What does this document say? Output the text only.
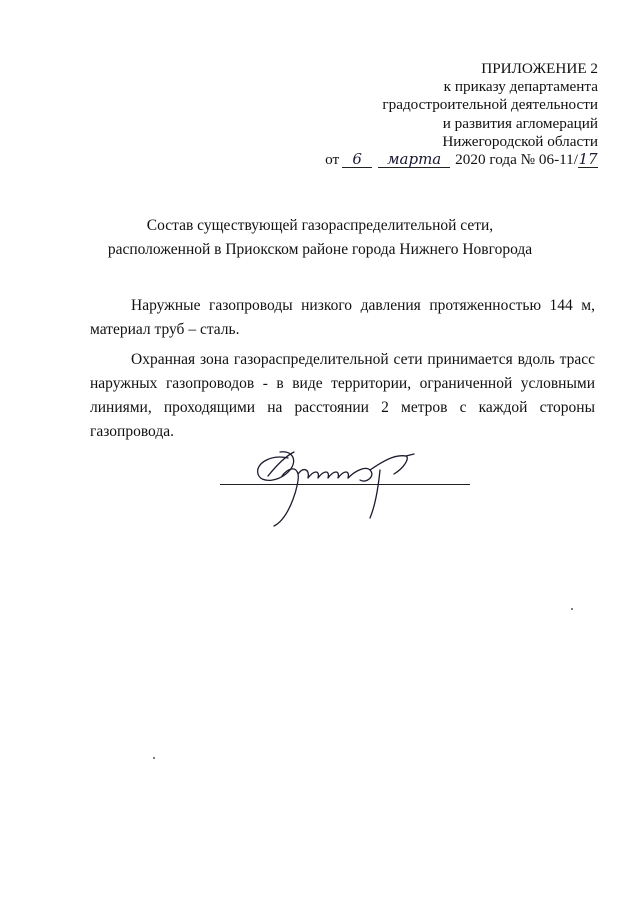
ПРИЛОЖЕНИЕ 2
к приказу департамента
градостроительной деятельности
и развития агломераций
Нижегородской области
от 6 марта 2020 года № 06-11/17
Состав существующей газораспределительной сети,
расположенной в Приокском районе города Нижнего Новгорода

Наружные газопроводы низкого давления протяженностью 144 м, материал труб – сталь.

Охранная зона газораспределительной сети принимается вдоль трасс наружных газопроводов - в виде территории, ограниченной условными линиями, проходящими на расстоянии 2 метров с каждой стороны газопровода.
